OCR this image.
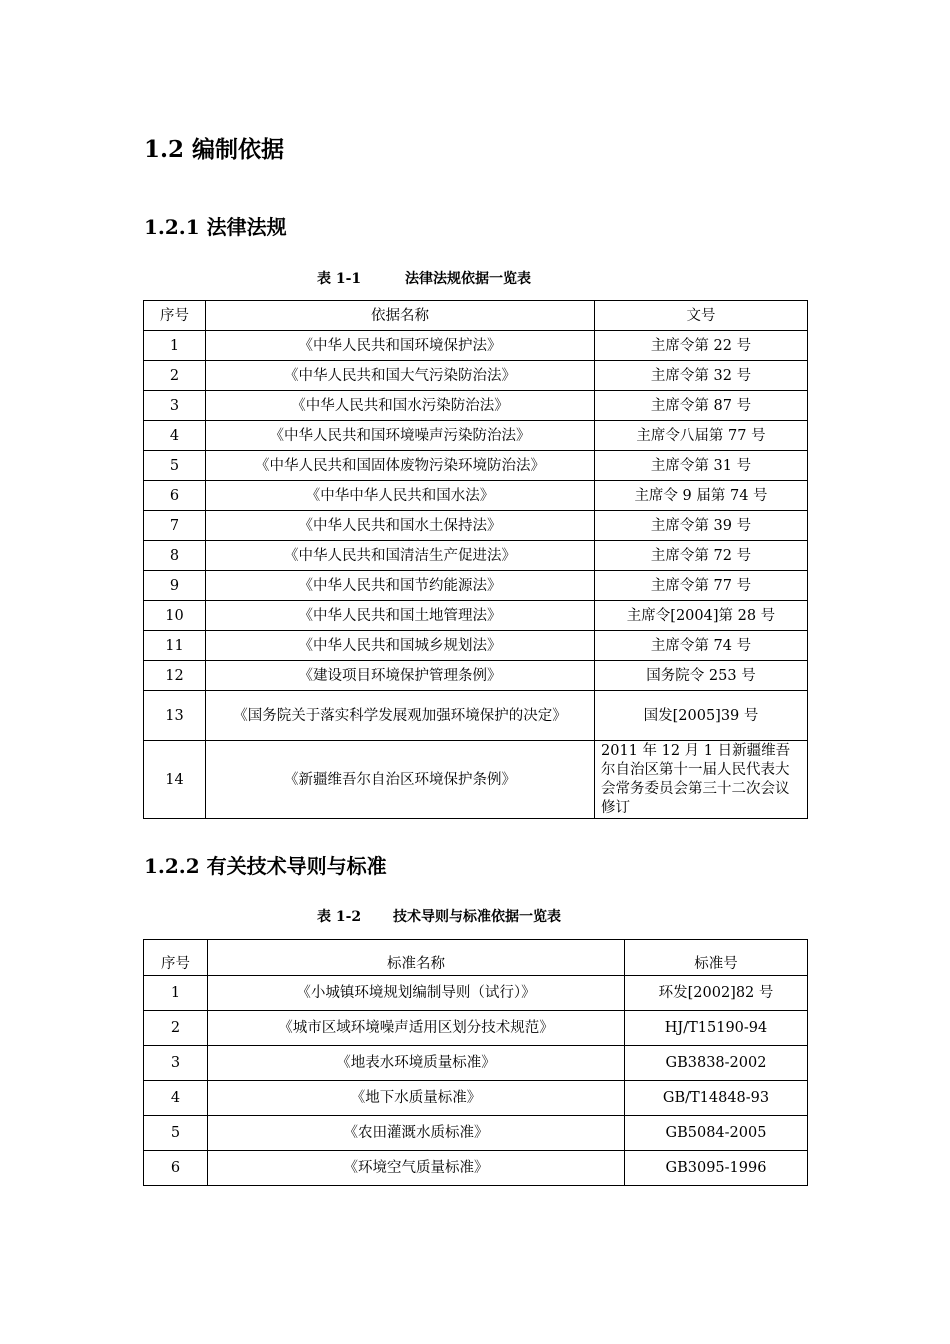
1.2 编制依据
1.2.1 法律法规
表 1-1	法律法规依据一览表
序号	依据名称	文号
1	《中华人民共和国环境保护法》	主席令第 22 号
2	《中华人民共和国大气污染防治法》	主席令第 32 号
3	《中华人民共和国水污染防治法》	主席令第 87 号
4	《中华人民共和国环境噪声污染防治法》	主席令八届第 77 号
5	《中华人民共和国固体废物污染环境防治法》	主席令第 31 号
6	《中华中华人民共和国水法》	主席令 9 届第 74 号
7	《中华人民共和国水土保持法》	主席令第 39 号
8	《中华人民共和国清洁生产促进法》	主席令第 72 号
9	《中华人民共和国节约能源法》	主席令第 77 号
10	《中华人民共和国土地管理法》	主席令[2004]第 28 号
11	《中华人民共和国城乡规划法》	主席令第 74 号
12	《建设项目环境保护管理条例》	国务院令 253 号
13	《国务院关于落实科学发展观加强环境保护的决定》	国发[2005]39 号
14	《新疆维吾尔自治区环境保护条例》	2011 年 12 月 1 日新疆维吾尔自治区第十一届人民代表大会常务委员会第三十二次会议修订
1.2.2 有关技术导则与标准
表 1-2 技术导则与标准依据一览表
序号	标准名称	标准号
1	《小城镇环境规划编制导则（试行）》	环发[2002]82 号
2	《城市区域环境噪声适用区划分技术规范》	HJ/T15190-94
3	《地表水环境质量标准》	GB3838-2002
4	《地下水质量标准》	GB/T14848-93
5	《农田灌溉水质标准》	GB5084-2005
6	《环境空气质量标准》	GB3095-1996
